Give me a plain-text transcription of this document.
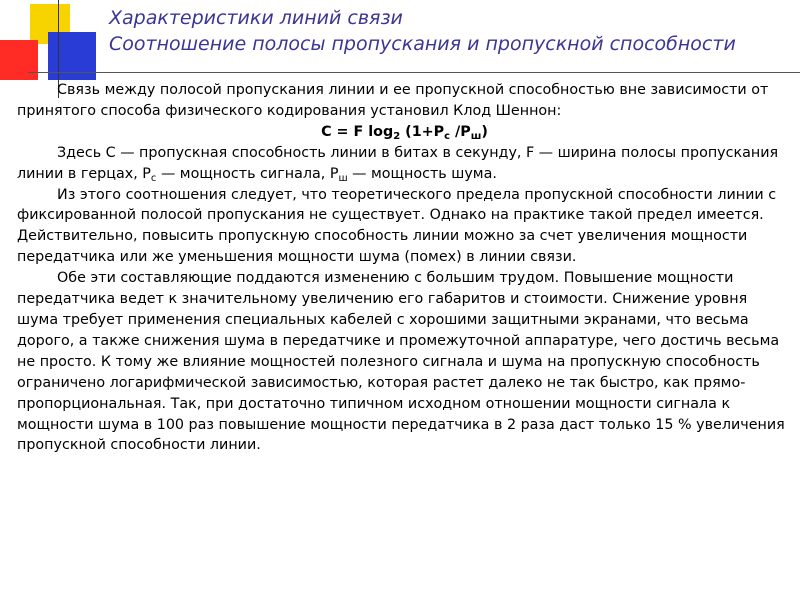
Характеристики линий связи
Соотношение полосы пропускания и пропускной способности

Связь между полосой пропускания линии и ее пропускной способностью вне зависимости от принятого способа физического кодирования установил Клод Шеннон:

C = F $\log_2 (1+P_c$ $/P_ш$)

Здесь C — пропускная способность линии в битах в секунду, F — ширина полосы пропускания линии в герцах, $P_c$ — мощность сигнала, $P_ш$ — мощность шума.

Из этого соотношения следует, что теоретического предела пропускной способности линии с фиксированной полосой пропускания не существует. Однако на практике такой предел имеется. Действительно, повысить пропускную способность линии можно за счет увеличения мощности передатчика или же уменьшения мощности шума (помех) в линии связи.

Обе эти составляющие поддаются изменению с большим трудом. Повышение мощности передатчика ведет к значительному увеличению его габаритов и стоимости. Снижение уровня шума требует применения специальных кабелей с хорошими защитными экранами, что весьма дорого, а также снижения шума в передатчике и промежуточной аппаратуре, чего достичь весьма не просто. К тому же влияние мощностей полезного сигнала и шума на пропускную способность ограничено логарифмической зависимостью, которая растет далеко не так быстро, как прямо-пропорциональная. Так, при достаточно типичном исходном отношении мощности сигнала к мощности шума в 100 раз повышение мощности передатчика в 2 раза даст только 15 % увеличения пропускной способности линии.
